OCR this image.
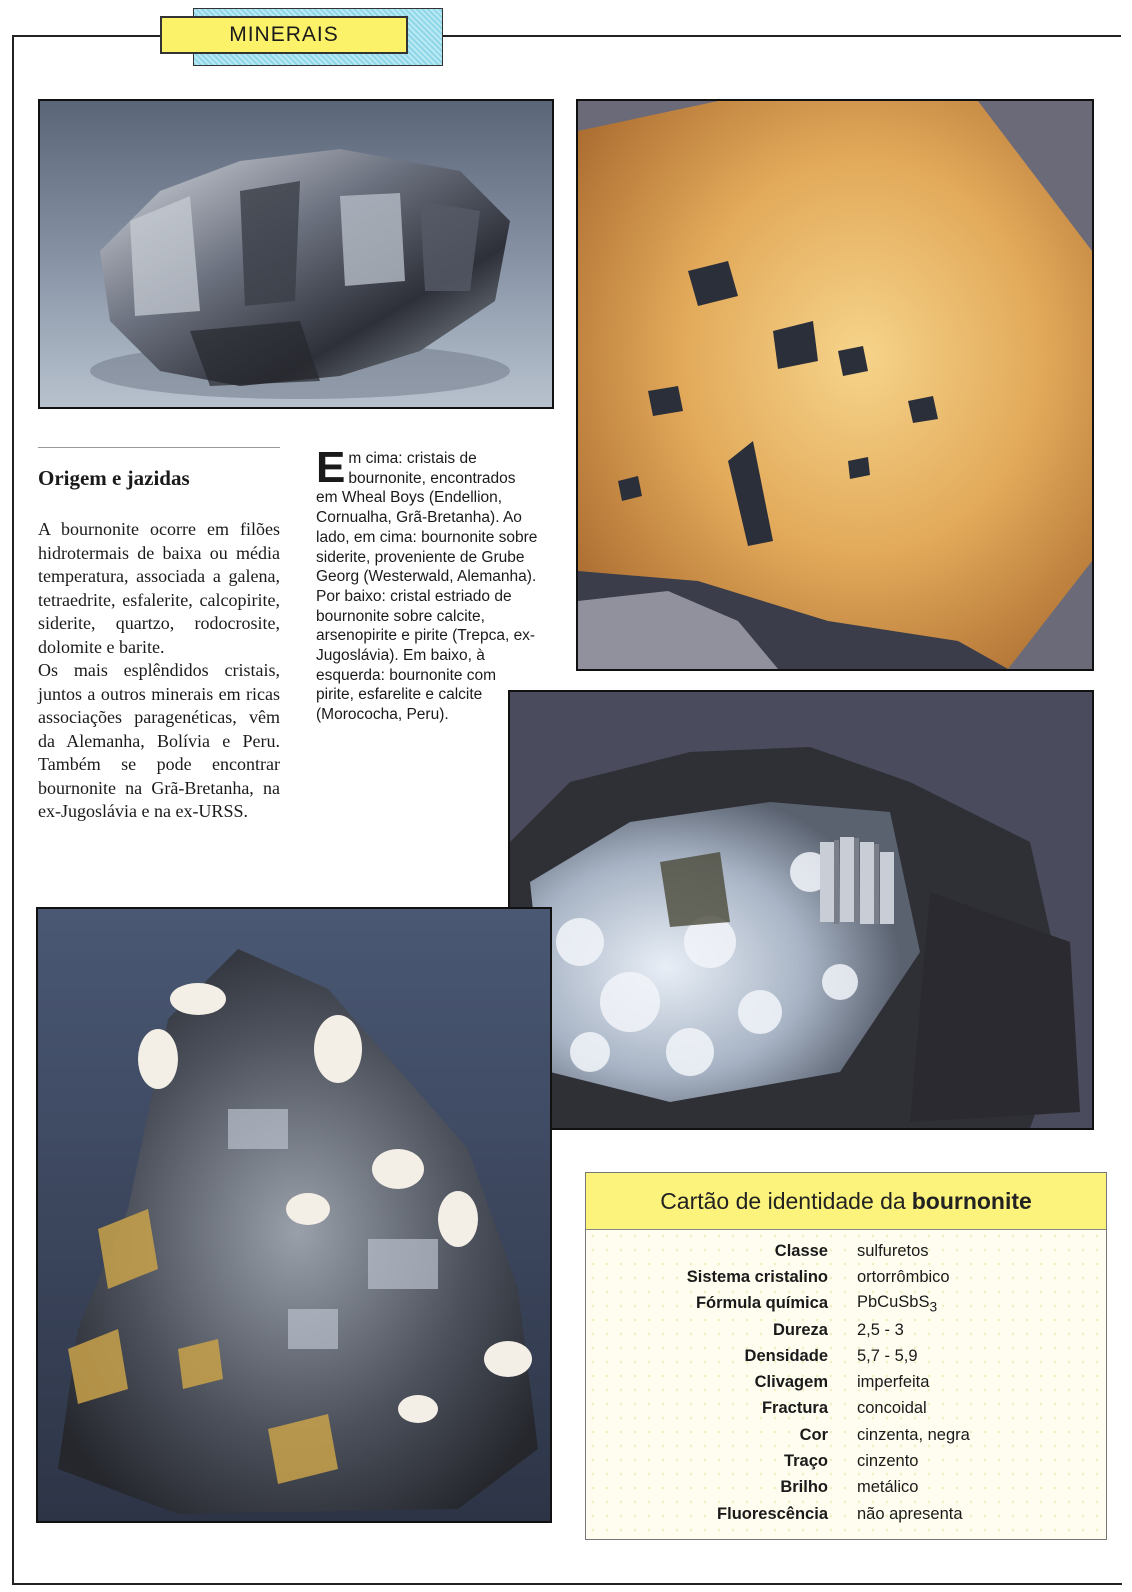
MINERAIS
Origem e jazidas

A bournonite ocorre em filões hidrotermais de baixa ou média temperatura, associada a galena, tetraedrite, esfalerite, calcopirite, siderite, quartzo, rodocrosite, dolomite e barite.

Os mais esplêndidos cristais, juntos a outros minerais em ricas associações paragenéticas, vêm da Alemanha, Bolívia e Peru. Também se pode encontrar bournonite na Grã-Bretanha, na ex-Jugoslávia e na ex-URSS.

Em cima: cristais de bournonite, encontrados em Wheal Boys (Endellion, Cornualha, Grã-Bretanha). Ao lado, em cima: bournonite sobre siderite, proveniente de Grube Georg (Westerwald, Alemanha). Por baixo: cristal estriado de bournonite sobre calcite, arsenopirite e pirite (Trepca, ex-Jugoslávia). Em baixo, à esquerda: bournonite com pirite, esfarelite e calcite (Morococha, Peru).
Cartão de identidade da bournonite
Classe sulfuretos
Sistema cristalino ortorrômbico
Fórmula química PbCuSbS$_3$
Dureza 2,5 - 3
Densidade 5,7 - 5,9
Clivagem imperfeita
Fractura concoidal
Cor cinzenta, negra
Traço cinzento
Brilho metálico
Fluorescência não apresenta
